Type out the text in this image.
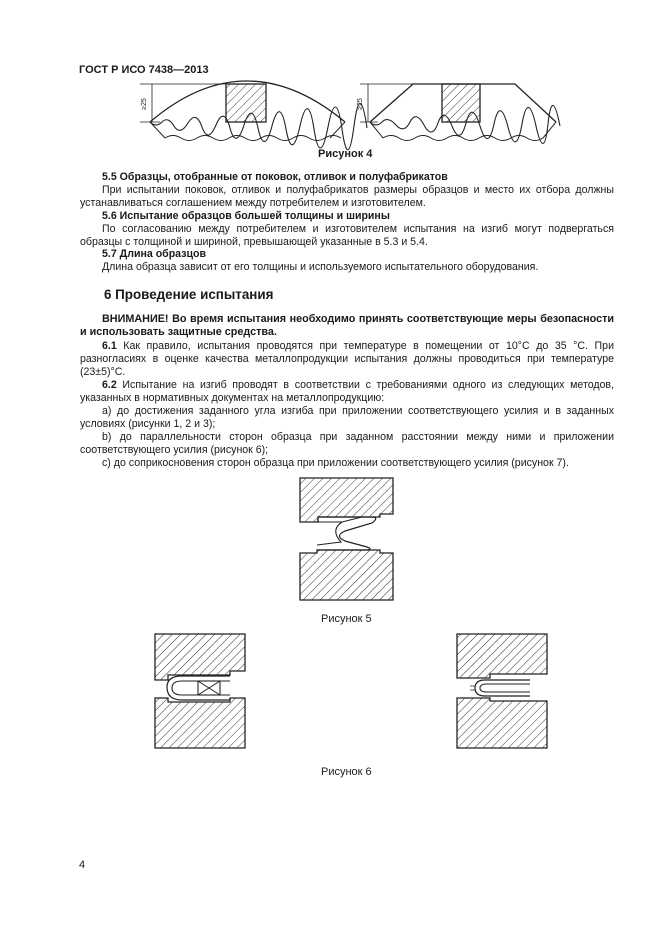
ГОСТ Р ИСО 7438—2013
≥25	≥25
Рисунок 4
5.5 Образцы, отобранные от поковок, отливок и полуфабрикатов
При испытании поковок, отливок и полуфабрикатов размеры образцов и место их отбора должны устанавливаться соглашением между потребителем и изготовителем.
5.6 Испытание образцов большей толщины и ширины
По согласованию между потребителем и изготовителем испытания на изгиб могут подвергаться образцы с толщиной и шириной, превышающей указанные в 5.3 и 5.4.
5.7 Длина образцов
Длина образца зависит от его толщины и используемого испытательного оборудования.
6 Проведение испытания
ВНИМАНИЕ! Во время испытания необходимо принять соответствующие меры безопасности и использовать защитные средства.
6.1 Как правило, испытания проводятся при температуре в помещении от 10°С до 35 °С. При разногласиях в оценке качества металлопродукции испытания должны проводиться при температуре (23±5)°С.
6.2 Испытание на изгиб проводят в соответствии с требованиями одного из следующих методов, указанных в нормативных документах на металлопродукцию:
а) до достижения заданного угла изгиба при приложении соответствующего усилия и в заданных условиях (рисунки 1, 2 и 3);
b) до параллельности сторон образца при заданном расстоянии между ними и приложении соответствующего усилия (рисунок 6);
с) до соприкосновения сторон образца при приложении соответствующего усилия (рисунок 7).
Рисунок 5
Рисунок 6
4
